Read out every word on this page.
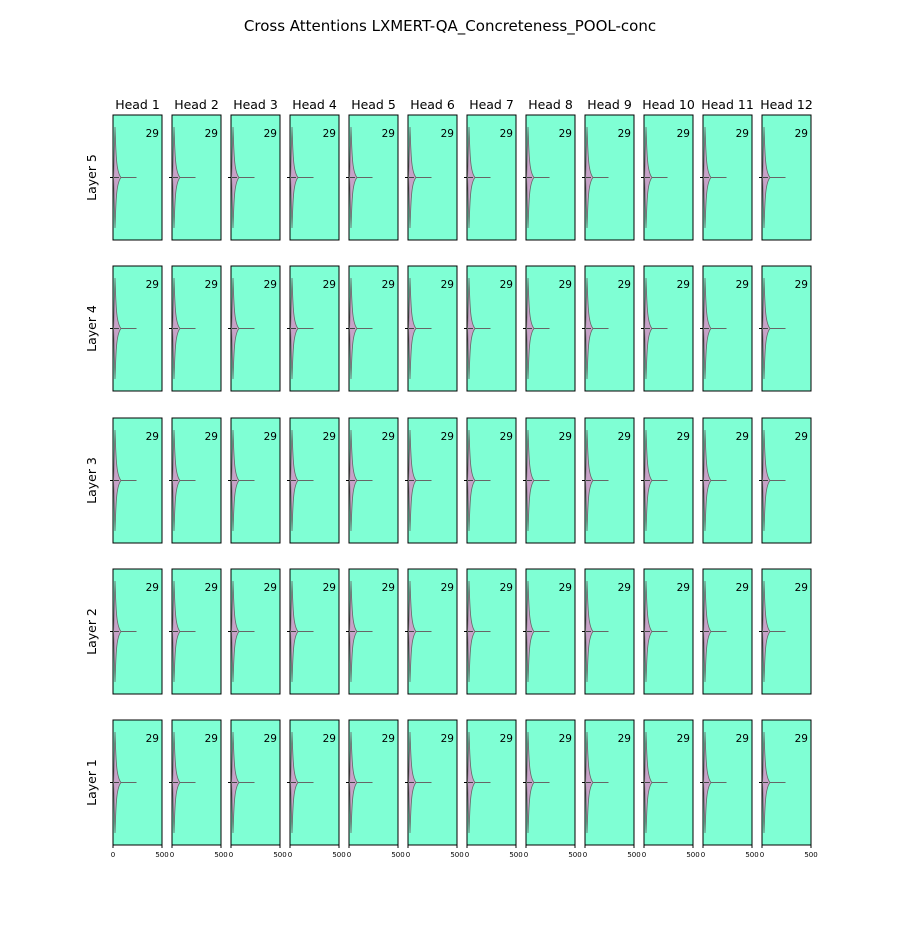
Cross Attentions LXMERT-QA_Concreteness_POOL-conc
Head 1 Head 2 Head 3 Head 4 Head 5 Head 6 Head 7 Head 8 Head 9 Head 10 Head 11 Head 12
Layer 5
Layer 4
Layer 3
Layer 2
Layer 1
29	29	29	29	29	29	29	29	29	29	29	29
29	29	29	29	29	29	29	29	29	29	29	29
29	29	29	29	29	29	29	29	29	29	29	29
29	29	29	29	29	29	29	29	29	29	29	29
29
0	500
29
0	500
29
0	500
29
0	500
29
0	500
29
0	500
29
0	500
29
0	500
29
0	500
29
0	500
29
0	500
29
0	500
